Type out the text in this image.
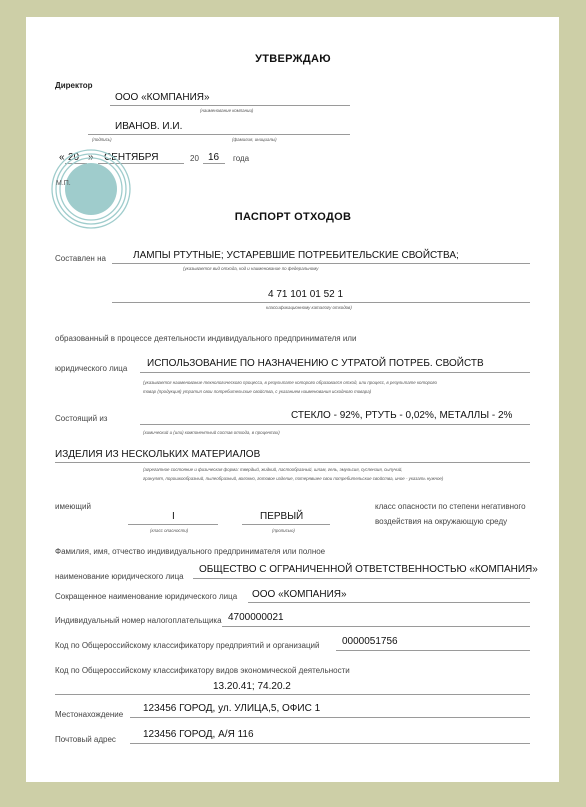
УТВЕРЖДАЮ
Директор
ООО «КОМПАНИЯ»
(наименование компании)
ИВАНОВ. И.И.
(подпись)	(фамилия, инициалы)
« 20 » СЕНТЯБРЯ	20 16 года
М.П.
ПАСПОРТ ОТХОДОВ
Составлен на	ЛАМПЫ РТУТНЫЕ; УСТАРЕВШИЕ ПОТРЕБИТЕЛЬСКИЕ СВОЙСТВА;
(указывается вид отхода, код и наименование по федеральному
4 71 101 01 52 1
классификационному каталогу отходов)
образованный в процессе деятельности индивидуального предпринимателя или
юридического лица ИСПОЛЬЗОВАНИЕ ПО НАЗНАЧЕНИЮ С УТРАТОЙ ПОТРЕБ. СВОЙСТВ
(указывается наименование технологического процесса, в результате которого образовался отход, или процесс, в результате которого
товар (продукция) утратил свои потребительские свойства, с указанием наименования исходного товара)
Состоящий из	СТЕКЛО - 92%, РТУТЬ - 0,02%, МЕТАЛЛЫ - 2%
(химический и (или) компонентный состав отхода, в процентах)
ИЗДЕЛИЯ ИЗ НЕСКОЛЬКИХ МАТЕРИАЛОВ
(агрегатное состояние и физическая форма: твердый, жидкий, пастообразный, шлам, гель, эмульсия, суспензия, сыпучий,
гранулят, порошкообразный, пылеобразный, волокно, готовое изделие, потерявшее свои потребительские свойства, иное - указать нужное)
имеющий
I
(класс опасности)
ПЕРВЫЙ
(прописью)
класс опасности по степени негативного
воздействия на окружающую среду
Фамилия, имя, отчество индивидуального предпринимателя или полное
наименование юридического лица
ОБЩЕСТВО С ОГРАНИЧЕННОЙ ОТВЕТСТВЕННОСТЬЮ «КОМПАНИЯ»
Сокращенное наименование юридического лица ООО «КОМПАНИЯ»
Индивидуальный номер налогоплательщика 4700000021
Код по Общероссийскому классификатору предприятий и организаций 0000051756
Код по Общероссийскому классификатору видов экономической деятельности
13.20.41; 74.20.2
Местонахождение
123456 ГОРОД, ул. УЛИЦА,5, ОФИС 1
Почтовый адрес	123456 ГОРОД, А/Я 116
